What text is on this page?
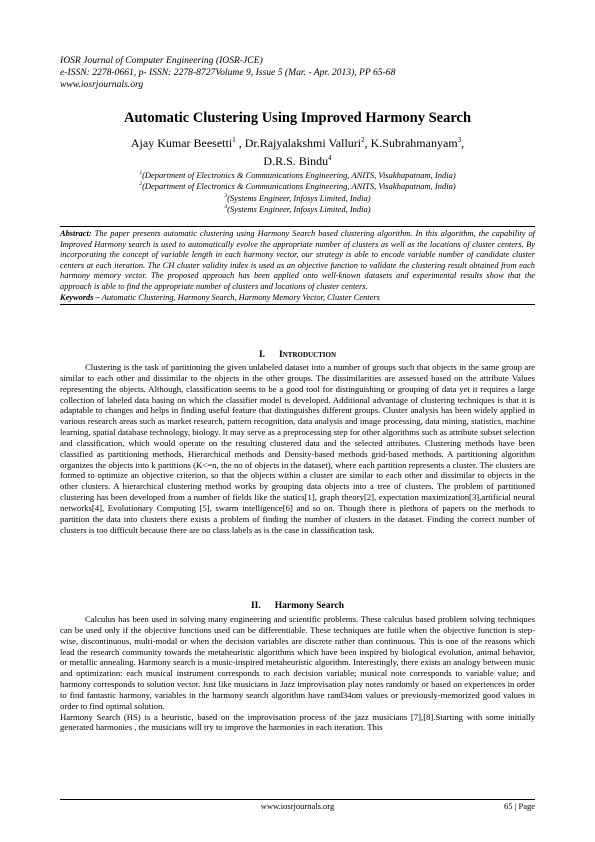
IOSR Journal of Computer Engineering (IOSR-JCE)
e-ISSN: 2278-0661, p- ISSN: 2278-8727Volume 9, Issue 5 (Mar. - Apr. 2013), PP 65-68
www.iosrjournals.org
Automatic Clustering Using Improved Harmony Search
Ajay Kumar Beesetti$^1$ , Dr.Rajyalakshmi Valluri$^2$, K.Subrahmanyam$^3$,
D.R.S. Bindu$^4$
$^1$(Department of Electronics & Communications Engineering, ANITS, Visakhapatnam, India)
$^2$(Department of Electronics & Communications Engineering, ANITS, Visakhapatnam, India)
$^3$(Systems Engineer, Infosys Limited, India)
$^4$(Systems Engineer, Infosys Limited, India)
Abstract: The paper presents automatic clustering using Harmony Search based clustering algorithm. In this algorithm, the capability of Improved Harmony search is used to automatically evolve the appropriate number of clusters as well as the locations of cluster centers. By incorporating the concept of variable length in each harmony vector, our strategy is able to encode variable number of candidate cluster centers at each iteration. The CH cluster validity index is used as an objective function to validate the clustering result obtained from each harmony memory vector. The proposed approach has been applied onto well-known datasets and experimental results show that the approach is able to find the appropriate number of clusters and locations of cluster centers.
Keywords – Automatic Clustering, Harmony Search, Harmony Memory Vector, Cluster Centers
I. Introduction

Clustering is the task of partitioning the given unlabeled dataset into a number of groups such that objects in the same group are similar to each other and dissimilar to the objects in the other groups. The dissimilarities are assessed based on the attribute Values representing the objects. Although, classification seems to be a good tool for distinguishing or grouping of data yet it requires a large collection of labeled data basing on which the classifier model is developed. Additional advantage of clustering techniques is that it is adaptable to changes and helps in finding useful feature that distinguishes different groups. Cluster analysis has been widely applied in various research areas such as market research, pattern recognition, data analysis and image processing, data mining, statistics, machine learning, spatial database technology, biology. It may serve as a preprocessing step for other algorithms such as attribute subset selection and classification, which would operate on the resulting clustered data and the selected attributes. Clustering methods have been classified as partitioning methods, Hierarchical methods and Density-based methods grid-based methods. A partitioning algorithm organizes the objects into k partitions (K<=n, the no of objects in the dataset), where each partition represents a cluster. The clusters are formed to optimize an objective criterion, so that the objects within a cluster are similar to each other and dissimilar to objects in the other clusters. A hierarchical clustering method works by grouping data objects into a tree of clusters. The problem of partitioned clustering has been developed from a number of fields like the statics[1], graph theory[2], expectation maximization[3],artificial neural networks[4], Evolutionary Computing [5], swarm intelligence[6] and so on. Though there is plethora of papers on the methods to partition the data into clusters there exists a problem of finding the number of clusters in the dataset. Finding the correct number of clusters is too difficult because there are no class labels as is the case in classification task.

II. Harmony Search

Calculus has been used in solving many engineering and scientific problems. These calculus based problem solving techniques can be used only if the objective functions used can be differentiable. These techniques are futile when the objective function is step-wise, discontinuous, multi-modal or when the decision variables are discrete rather than continuous. This is one of the reasons which lead the research community towards the metaheuristic algorithms which have been inspired by biological evolution, animal behavior, or metallic annealing. Harmony search is a music-inspired metaheuristic algorithm. Interestingly, there exists an analogy between music and optimization: each musical instrument corresponds to each decision variable; musical note corresponds to variable value; and harmony corresponds to solution vector. Just like musicians in Jazz improvisation play notes randomly or based on experiences in order to find fantastic harmony, variables in the harmony search algorithm have rand34om values or previously-memorized good values in order to find optimal solution.

Harmony Search (HS) is a heuristic, based on the improvisation process of the jazz musicians [7],[8].Starting with some initially generated harmonies , the musicians will try to improve the harmonies in each iteration. This

www.iosrjournals.org	65 | Page
